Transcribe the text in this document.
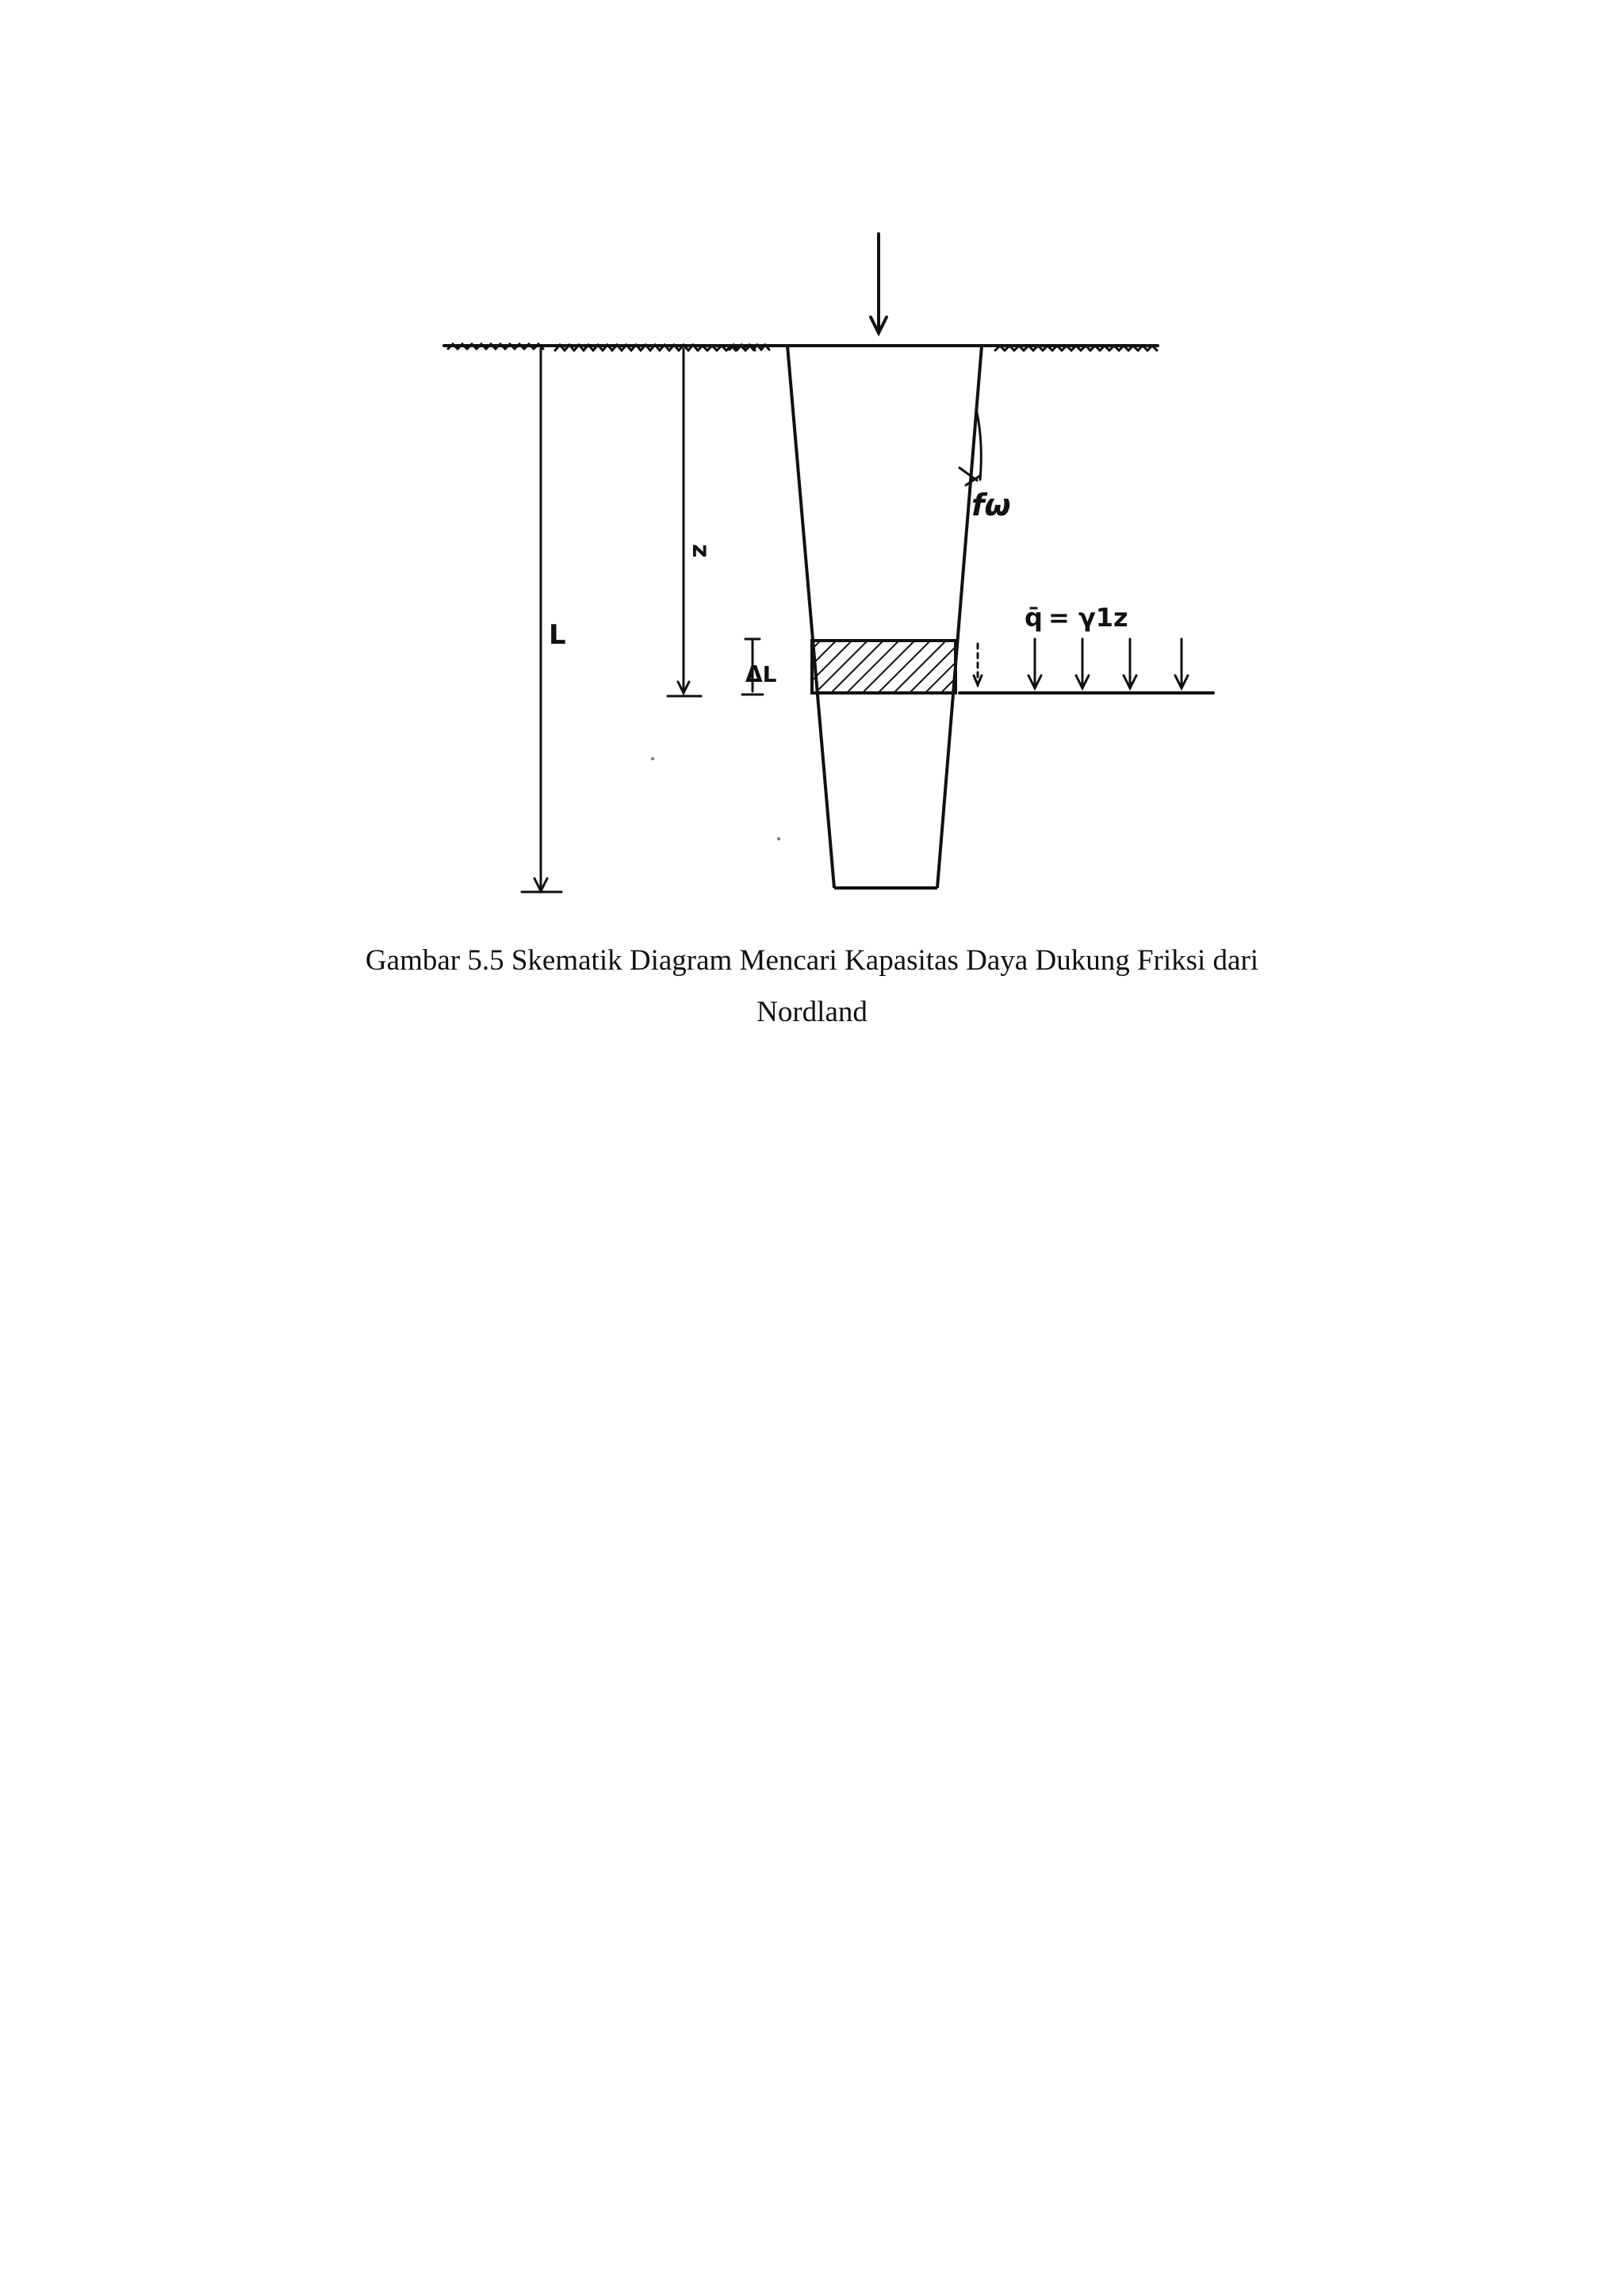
L
z
ΔL
fω
q̄ = γ1z
Gambar 5.5 Skematik Diagram Mencari Kapasitas Daya Dukung Friksi dari
Nordland
